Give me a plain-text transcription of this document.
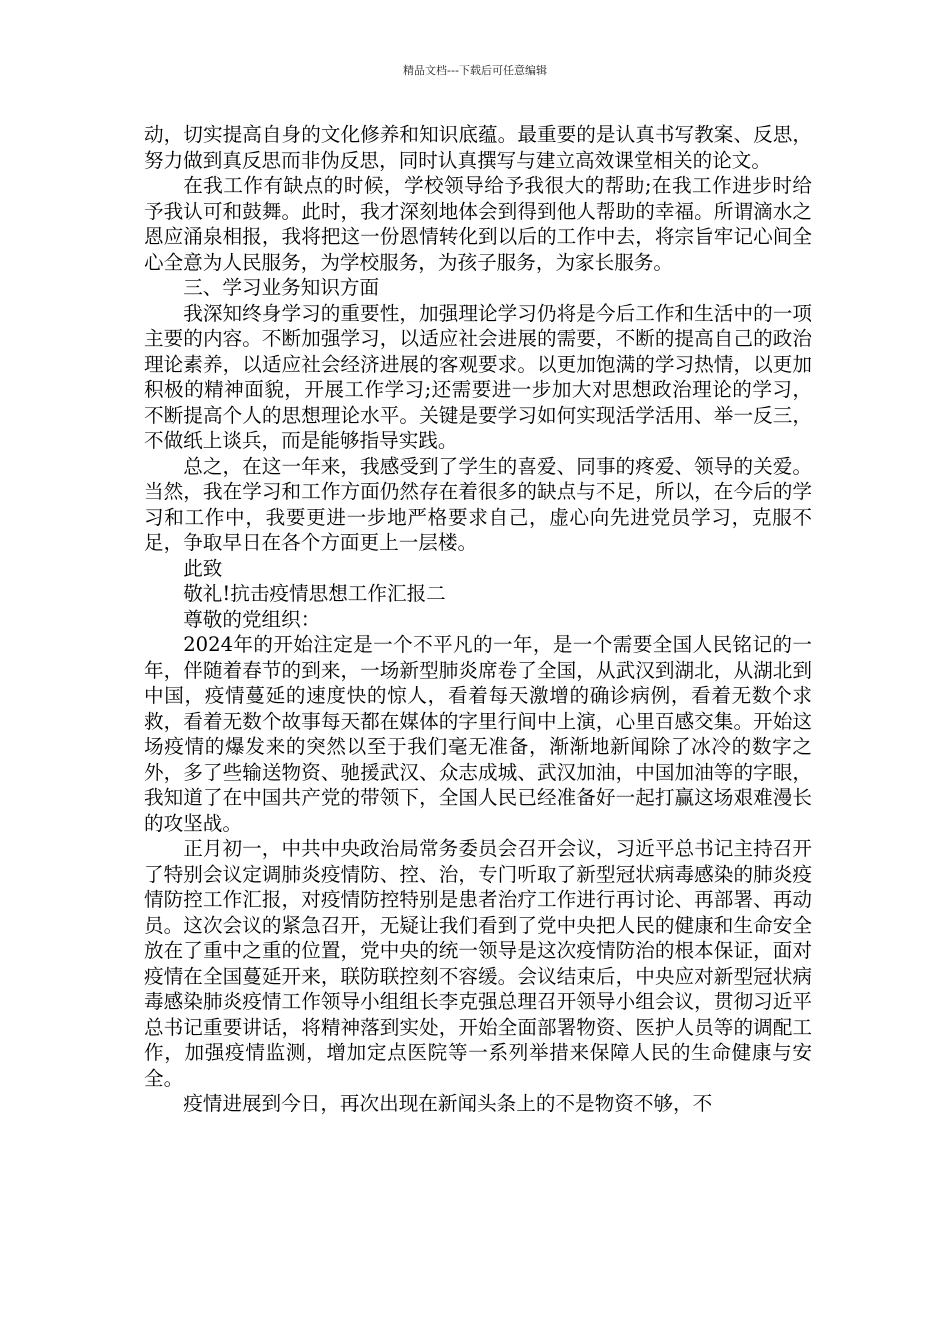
精品文档---下载后可任意编辑

动，切实提高自身的文化修养和知识底蕴。最重要的是认真书写教案、反思，努力做到真反思而非伪反思，同时认真撰写与建立高效课堂相关的论文。

在我工作有缺点的时候，学校领导给予我很大的帮助;在我工作进步时给予我认可和鼓舞。此时，我才深刻地体会到得到他人帮助的幸福。所谓滴水之恩应涌泉相报，我将把这一份恩情转化到以后的工作中去，将宗旨牢记心间全心全意为人民服务，为学校服务，为孩子服务，为家长服务。

三、学习业务知识方面

我深知终身学习的重要性，加强理论学习仍将是今后工作和生活中的一项主要的内容。不断加强学习，以适应社会进展的需要，不断的提高自己的政治理论素养，以适应社会经济进展的客观要求。以更加饱满的学习热情，以更加积极的精神面貌，开展工作学习;还需要进一步加大对思想政治理论的学习，不断提高个人的思想理论水平。关键是要学习如何实现活学活用、举一反三，不做纸上谈兵，而是能够指导实践。

总之，在这一年来，我感受到了学生的喜爱、同事的疼爱、领导的关爱。当然，我在学习和工作方面仍然存在着很多的缺点与不足，所以，在今后的学习和工作中，我要更进一步地严格要求自己，虚心向先进党员学习，克服不足，争取早日在各个方面更上一层楼。

此致

敬礼!抗击疫情思想工作汇报二

尊敬的党组织：

2024年的开始注定是一个不平凡的一年，是一个需要全国人民铭记的一年，伴随着春节的到来，一场新型肺炎席卷了全国，从武汉到湖北，从湖北到中国，疫情蔓延的速度快的惊人，看着每天激增的确诊病例，看着无数个求救，看着无数个故事每天都在媒体的字里行间中上演，心里百感交集。开始这场疫情的爆发来的突然以至于我们毫无准备，渐渐地新闻除了冰冷的数字之外，多了些输送物资、驰援武汉、众志成城、武汉加油，中国加油等的字眼，我知道了在中国共产党的带领下，全国人民已经准备好一起打赢这场艰难漫长的攻坚战。

正月初一，中共中央政治局常务委员会召开会议，习近平总书记主持召开了特别会议定调肺炎疫情防、控、治，专门听取了新型冠状病毒感染的肺炎疫情防控工作汇报，对疫情防控特别是患者治疗工作进行再讨论、再部署、再动员。这次会议的紧急召开，无疑让我们看到了党中央把人民的健康和生命安全放在了重中之重的位置，党中央的统一领导是这次疫情防治的根本保证，面对疫情在全国蔓延开来，联防联控刻不容缓。会议结束后，中央应对新型冠状病毒感染肺炎疫情工作领导小组组长李克强总理召开领导小组会议，贯彻习近平总书记重要讲话，将精神落到实处，开始全面部署物资、医护人员等的调配工作，加强疫情监测，增加定点医院等一系列举措来保障人民的生命健康与安全。

疫情进展到今日，再次出现在新闻头条上的不是物资不够，不
